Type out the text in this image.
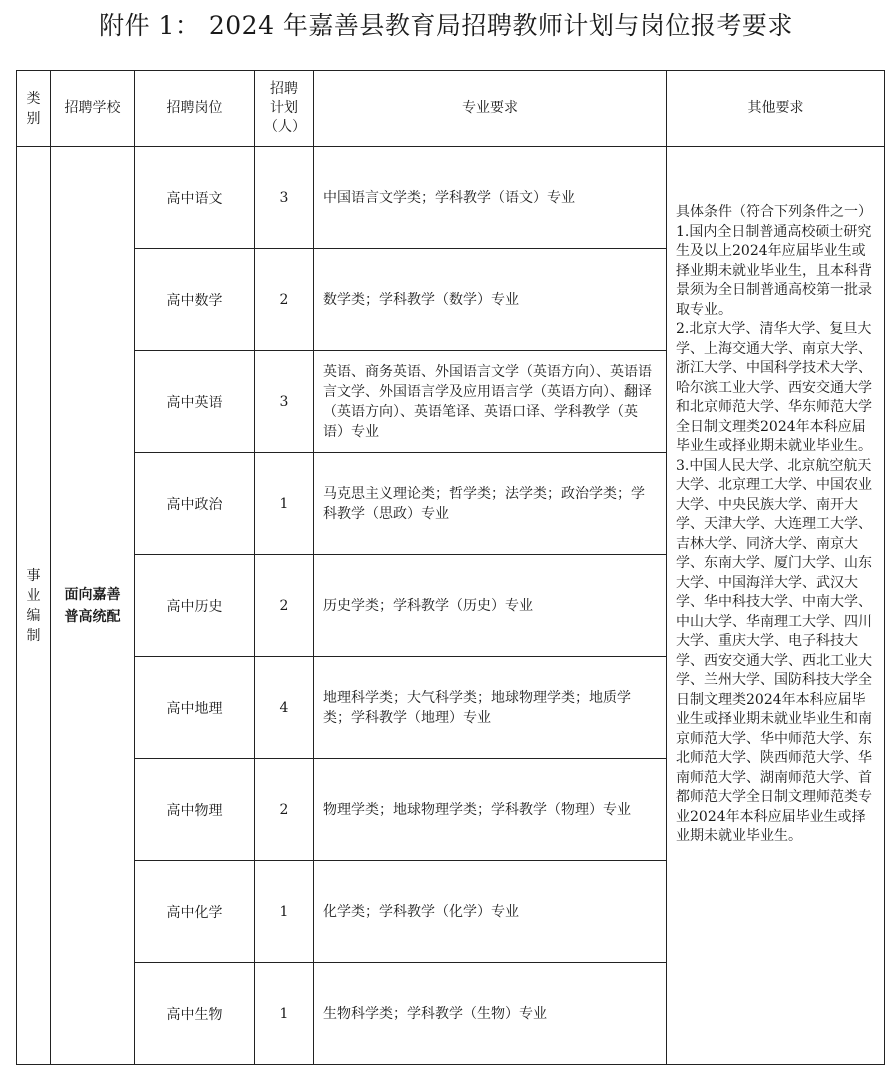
附件 1： 2024 年嘉善县教育局招聘教师计划与岗位报考要求
类别	招聘学校	招聘岗位	招聘计划（人）	专业要求	其他要求
事业编制	面向嘉善普高统配	高中语文	3	中国语言文学类；学科教学（语文）专业	具体条件（符合下列条件之一）
1.国内全日制普通高校硕士研究生及以上2024年应届毕业生或择业期未就业毕业生，且本科背景须为全日制普通高校第一批录取专业。
2.北京大学、清华大学、复旦大学、上海交通大学、南京大学、浙江大学、中国科学技术大学、哈尔滨工业大学、西安交通大学和北京师范大学、华东师范大学全日制文理类2024年本科应届毕业生或择业期未就业毕业生。
3.中国人民大学、北京航空航天大学、北京理工大学、中国农业大学、中央民族大学、南开大学、天津大学、大连理工大学、吉林大学、同济大学、南京大学、东南大学、厦门大学、山东大学、中国海洋大学、武汉大学、华中科技大学、中南大学、中山大学、华南理工大学、四川大学、重庆大学、电子科技大学、西安交通大学、西北工业大学、兰州大学、国防科技大学全日制文理类2024年本科应届毕业生或择业期未就业毕业生和南京师范大学、华中师范大学、东北师范大学、陕西师范大学、华南师范大学、湖南师范大学、首都师范大学全日制文理师范类专业2024年本科应届毕业生或择业期未就业毕业生。

		高中数学	2	数学类；学科教学（数学）专业	
		高中英语	3	英语、商务英语、外国语言文学（英语方向）、英语语言文学、外国语言学及应用语言学（英语方向）、翻译（英语方向）、英语笔译、英语口译、学科教学（英语）专业	
		高中政治	1	马克思主义理论类；哲学类；法学类；政治学类；学科教学（思政）专业	
		高中历史	2	历史学类；学科教学（历史）专业	
		高中地理	4	地理科学类；大气科学类；地球物理学类；地质学类；学科教学（地理）专业	
		高中物理	2	物理学类；地球物理学类；学科教学（物理）专业	
		高中化学	1	化学类；学科教学（化学）专业	
		高中生物	1	生物科学类；学科教学（生物）专业	
